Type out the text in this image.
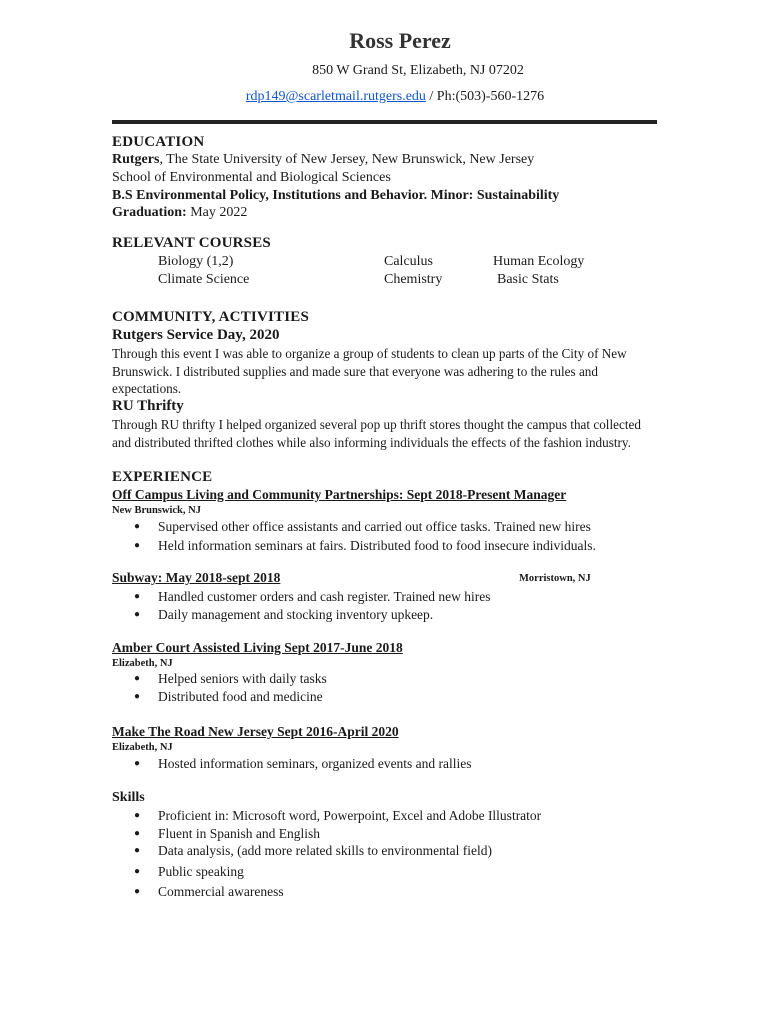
Ross Perez
850 W Grand St, Elizabeth, NJ 07202
rdp149@scarletmail.rutgers.edu / Ph:(503)-560-1276
EDUCATION
Rutgers, The State University of New Jersey, New Brunswick, New Jersey
School of Environmental and Biological Sciences
B.S Environmental Policy, Institutions and Behavior. Minor: Sustainability
Graduation: May 2022
RELEVANT COURSES
Biology (1,2)	Calculus	Human Ecology
Climate Science	Chemistry	Basic Stats
COMMUNITY, ACTIVITIES
Rutgers Service Day, 2020
Through this event I was able to organize a group of students to clean up parts of the City of New Brunswick. I distributed supplies and made sure that everyone was adhering to the rules and expectations.
RU Thrifty
Through RU thrifty I helped organized several pop up thrift stores thought the campus that collected and distributed thrifted clothes while also informing individuals the effects of the fashion industry.
EXPERIENCE
Off Campus Living and Community Partnerships: Sept 2018-Present Manager
New Brunswick, NJ
● Supervised other office assistants and carried out office tasks. Trained new hires
● Held information seminars at fairs. Distributed food to food insecure individuals.
Subway: May 2018-sept 2018	Morristown, NJ
● Handled customer orders and cash register. Trained new hires
● Daily management and stocking inventory upkeep.
Amber Court Assisted Living Sept 2017-June 2018
Elizabeth, NJ
● Helped seniors with daily tasks
● Distributed food and medicine
Make The Road New Jersey Sept 2016-April 2020
Elizabeth, NJ
● Hosted information seminars, organized events and rallies
Skills
● Proficient in: Microsoft word, Powerpoint, Excel and Adobe Illustrator
● Fluent in Spanish and English
● Data analysis, (add more related skills to environmental field)
● Public speaking
● Commercial awareness
